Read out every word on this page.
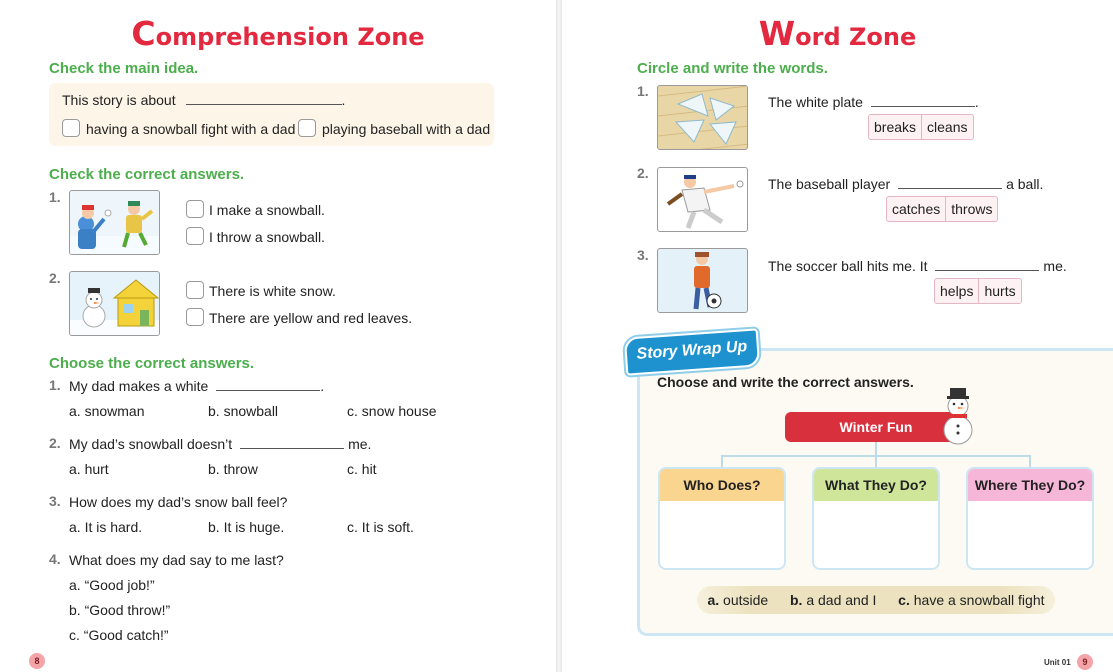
Comprehension Zone
Check the main idea.
This story is about	.
having a snowball fight with a dad playing baseball with a dad
Check the correct answers.
1.
I make a snowball.
I throw a snowball.
2.
There is white snow.
There are yellow and red leaves.
Choose the correct answers.
1. My dad makes a white	.
a. snowman	b. snowball	c. snow house
2. My dad’s snowball doesn’t	me.
a. hurt	b. throw	c. hit
3. How does my dad’s snow ball feel?
a. It is hard.	b. It is huge.	c. It is soft.
4. What does my dad say to me last?
a. “Good job!”
b. “Good throw!”
c. “Good catch!”
8
Word Zone
Circle and write the words.
1.
The white plate	.
breaks cleans
2.
The baseball player	a ball.
catches throws
3.
The soccer ball hits me. It	me.
helps hurts
Story Wrap Up
Choose and write the correct answers.
Winter Fun
Who Does?	What They Do?	Where They Do?
a. outside b. a dad and I c. have a snowball fight
Unit 01	9
